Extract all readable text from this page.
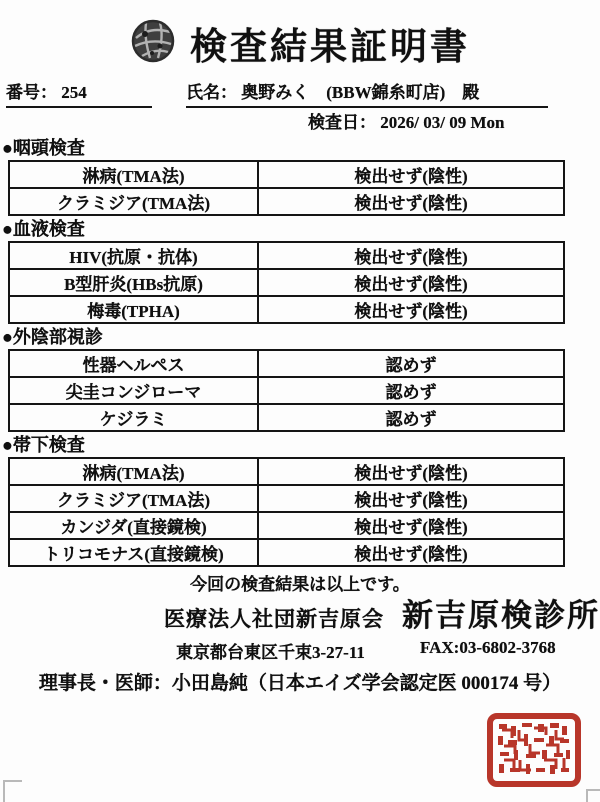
検査結果証明書
番号： 254	氏名： 奥野みく　(BBW錦糸町店)　殿
検査日： 2026/ 03/ 09 Mon
●咽頭検査
淋病(TMA法)	検出せず(陰性)
クラミジア(TMA法)	検出せず(陰性)
●血液検査
HIV(抗原・抗体)	検出せず(陰性)
B型肝炎(HBs抗原)	検出せず(陰性)
梅毒(TPHA)	検出せず(陰性)
●外陰部視診
性器ヘルペス	認めず
尖圭コンジローマ	認めず
ケジラミ	認めず
●帯下検査
淋病(TMA法)	検出せず(陰性)
クラミジア(TMA法)	検出せず(陰性)
カンジダ(直接鏡検)	検出せず(陰性)
トリコモナス(直接鏡検)	検出せず(陰性)
今回の検査結果は以上です。
医療法人社団新吉原会 新吉原検診所
東京都台東区千束3-27-11	FAX:03-6802-3768
理事長・医師：小田島純（日本エイズ学会認定医 000174 号）
